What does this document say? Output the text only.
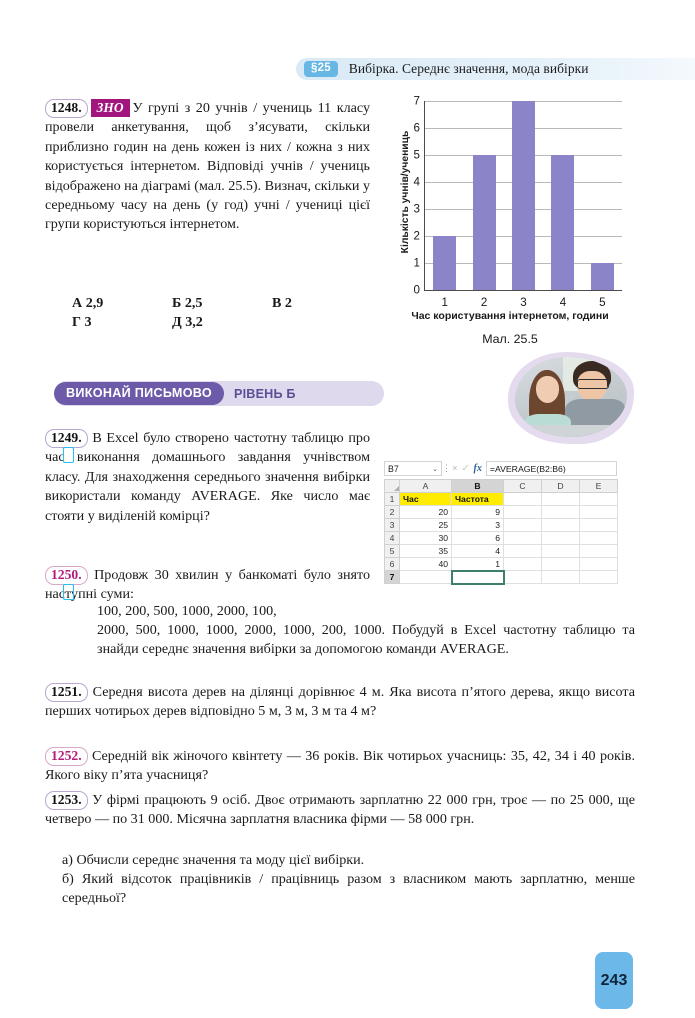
§25	Вибірка. Середнє значення, мода вибірки

1248. ЗНО У групі з 20 учнів / учениць 11 класу провели анкетування, щоб з’ясувати, скільки приблизно годин на день кожен із них / кожна з них користується інтернетом. Відповіді учнів / учениць відображено на діаграмі (мал. 25.5). Визнач, скільки у середньому часу на день (у год) учні / учениці цієї групи користуються інтернетом.

А 2,9	Б 2,5	В 2
Г 3	Д 3,2
Кількість учнів/учениць
0
1
2
3
4
5
6
7
1	2	3	4	5
Час користування інтернетом, години
Мал. 25.5
ВИКОНАЙ ПИСЬМОВО	РІВЕНЬ Б

1249. В Excel було створено частотну таблицю про час виконання домашнього завдання учнівством класу. Для знаходження середнього значення вибірки використали команду AVERAGE. Яке число має стояти у виділеній комірці?

B7	⌄ ⋮ × ✓ fx =AVERAGE(B2:B6)
	A	B	C	D	E
1	Час	Частота			
2	20	9			
3	25	3			
4	30	6			
5	35	4			
6	40	1			
7					

1250. Продовж 30 хвилин у банкоматі було знято наступні суми:

100, 200, 500, 1000, 2000, 100,

2000, 500, 1000, 1000, 2000, 1000, 200, 1000. Побудуй в Excel частотну таблицю та знайди середнє значення вибірки за допомогою команди AVERAGE.

1251. Середня висота дерев на ділянці дорівнює 4 м. Яка висота п’ятого дерева, якщо висота перших чотирьох дерев відповідно 5 м, 3 м, 3 м та 4 м?

1252. Середній вік жіночого квінтету — 36 років. Вік чотирьох учасниць: 35, 42, 34 і 40 років. Якого віку п’ята учасниця?

1253. У фірмі працюють 9 осіб. Двоє отримають зарплатню 22 000 грн, троє — по 25 000, ще четверо — по 31 000. Місячна зарплатня власника фірми — 58 000 грн.

а) Обчисли середнє значення та моду цієї вибірки.

б) Який відсоток працівників / працівниць разом з власником мають зарплатню, менше середньої?

243
